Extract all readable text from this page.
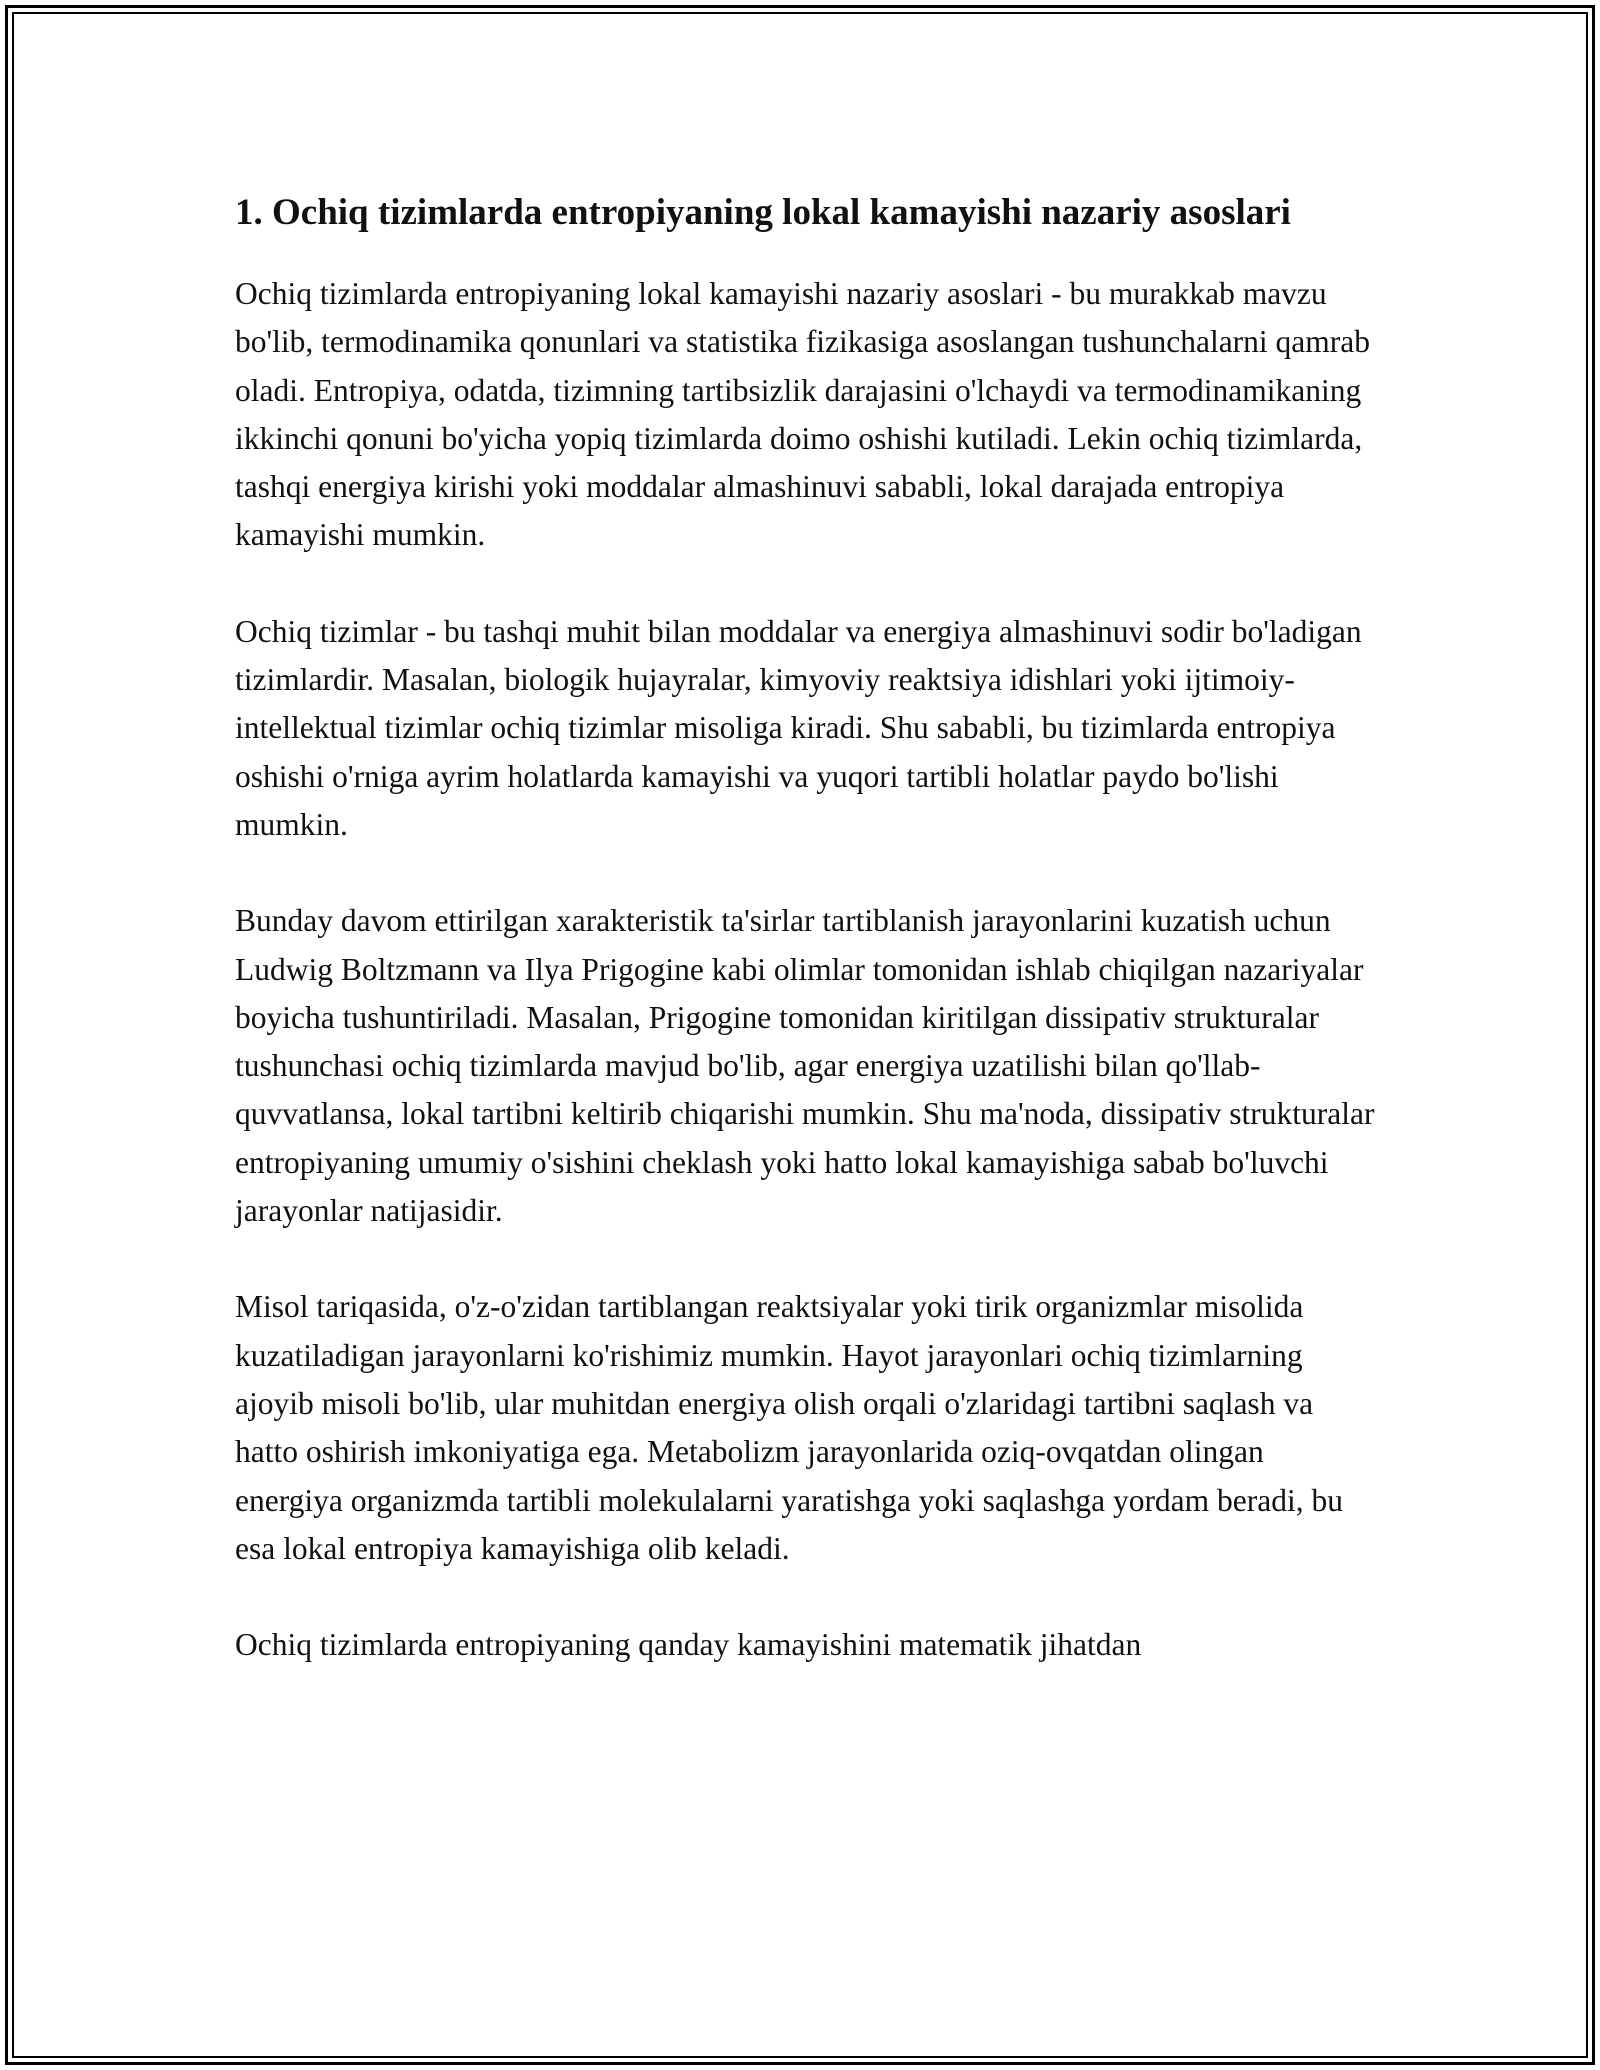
1. Ochiq tizimlarda entropiyaning lokal kamayishi nazariy asoslari

Ochiq tizimlarda entropiyaning lokal kamayishi nazariy asoslari - bu murakkab mavzu bo'lib, termodinamika qonunlari va statistika fizikasiga asoslangan tushunchalarni qamrab oladi. Entropiya, odatda, tizimning tartibsizlik darajasini o'lchaydi va termodinamikaning ikkinchi qonuni bo'yicha yopiq tizimlarda doimo oshishi kutiladi. Lekin ochiq tizimlarda, tashqi energiya kirishi yoki moddalar almashinuvi sababli, lokal darajada entropiya kamayishi mumkin.

Ochiq tizimlar - bu tashqi muhit bilan moddalar va energiya almashinuvi sodir bo'ladigan tizimlardir. Masalan, biologik hujayralar, kimyoviy reaktsiya idishlari yoki ijtimoiy-intellektual tizimlar ochiq tizimlar misoliga kiradi. Shu sababli, bu tizimlarda entropiya oshishi o'rniga ayrim holatlarda kamayishi va yuqori tartibli holatlar paydo bo'lishi mumkin.

Bunday davom ettirilgan xarakteristik ta'sirlar tartiblanish jarayonlarini kuzatish uchun Ludwig Boltzmann va Ilya Prigogine kabi olimlar tomonidan ishlab chiqilgan nazariyalar boyicha tushuntiriladi. Masalan, Prigogine tomonidan kiritilgan dissipativ strukturalar tushunchasi ochiq tizimlarda mavjud bo'lib, agar energiya uzatilishi bilan qo'llab-quvvatlansa, lokal tartibni keltirib chiqarishi mumkin. Shu ma'noda, dissipativ strukturalar entropiyaning umumiy o'sishini cheklash yoki hatto lokal kamayishiga sabab bo'luvchi jarayonlar natijasidir.

Misol tariqasida, o'z-o'zidan tartiblangan reaktsiyalar yoki tirik organizmlar misolida kuzatiladigan jarayonlarni ko'rishimiz mumkin. Hayot jarayonlari ochiq tizimlarning ajoyib misoli bo'lib, ular muhitdan energiya olish orqali o'zlaridagi tartibni saqlash va hatto oshirish imkoniyatiga ega. Metabolizm jarayonlarida oziq-ovqatdan olingan energiya organizmda tartibli molekulalarni yaratishga yoki saqlashga yordam beradi, bu esa lokal entropiya kamayishiga olib keladi.

Ochiq tizimlarda entropiyaning qanday kamayishini matematik jihatdan
